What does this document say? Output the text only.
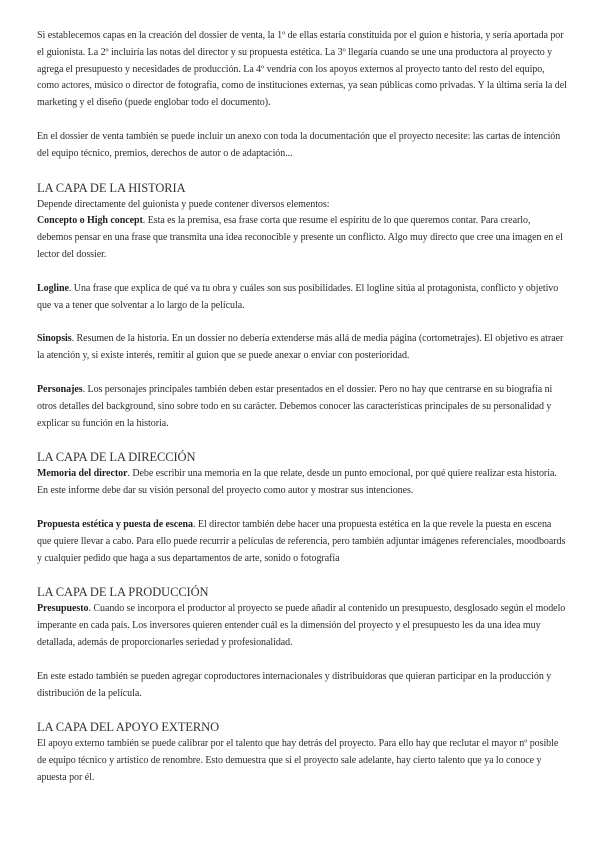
Si establecemos capas en la creación del dossier de venta, la 1º de ellas estaría constituida por el guion e historia, y sería aportada por el guionista. La 2º incluiría las notas del director y su propuesta estética. La 3º llegaría cuando se une una productora al proyecto y agrega el presupuesto y necesidades de producción. La 4º vendría con los apoyos externos al proyecto tanto del resto del equipo, como actores, músico o director de fotografía, como de instituciones externas, ya sean públicas como privadas. Y la última sería la del marketing y el diseño (puede englobar todo el documento).

En el dossier de venta también se puede incluir un anexo con toda la documentación que el proyecto necesite: las cartas de intención del equipo técnico, premios, derechos de autor o de adaptación...

LA CAPA DE LA HISTORIA

Depende directamente del guionista y puede contener diversos elementos:

Concepto o High concept. Esta es la premisa, esa frase corta que resume el espíritu de lo que queremos contar. Para crearlo, debemos pensar en una frase que transmita una idea reconocible y presente un conflicto. Algo muy directo que cree una imagen en el lector del dossier.

Logline. Una frase que explica de qué va tu obra y cuáles son sus posibilidades. El logline sitúa al protagonista, conflicto y objetivo que va a tener que solventar a lo largo de la película.

Sinopsis. Resumen de la historia. En un dossier no debería extenderse más allá de media página (cortometrajes). El objetivo es atraer la atención y, si existe interés, remitir al guion que se puede anexar o enviar con posterioridad.

Personajes. Los personajes principales también deben estar presentados en el dossier. Pero no hay que centrarse en su biografía ni otros detalles del background, sino sobre todo en su carácter. Debemos conocer las características principales de su personalidad y explicar su función en la historia.

LA CAPA DE LA DIRECCIÓN

Memoria del director. Debe escribir una memoria en la que relate, desde un punto emocional, por qué quiere realizar esta historia. En este informe debe dar su visión personal del proyecto como autor y mostrar sus intenciones.

Propuesta estética y puesta de escena. El director también debe hacer una propuesta estética en la que revele la puesta en escena que quiere llevar a cabo. Para ello puede recurrir a películas de referencia, pero también adjuntar imágenes referenciales, moodboards y cualquier pedido que haga a sus departamentos de arte, sonido o fotografía

LA CAPA DE LA PRODUCCIÓN

Presupuesto. Cuando se incorpora el productor al proyecto se puede añadir al contenido un presupuesto, desglosado según el modelo imperante en cada país. Los inversores quieren entender cuál es la dimensión del proyecto y el presupuesto les da una idea muy detallada, además de proporcionarles seriedad y profesionalidad.

En este estado también se pueden agregar coproductores internacionales y distribuidoras que quieran participar en la producción y distribución de la película.

LA CAPA DEL APOYO EXTERNO

El apoyo externo también se puede calibrar por el talento que hay detrás del proyecto. Para ello hay que reclutar el mayor nº posible de equipo técnico y artístico de renombre. Esto demuestra que si el proyecto sale adelante, hay cierto talento que ya lo conoce y apuesta por él.
